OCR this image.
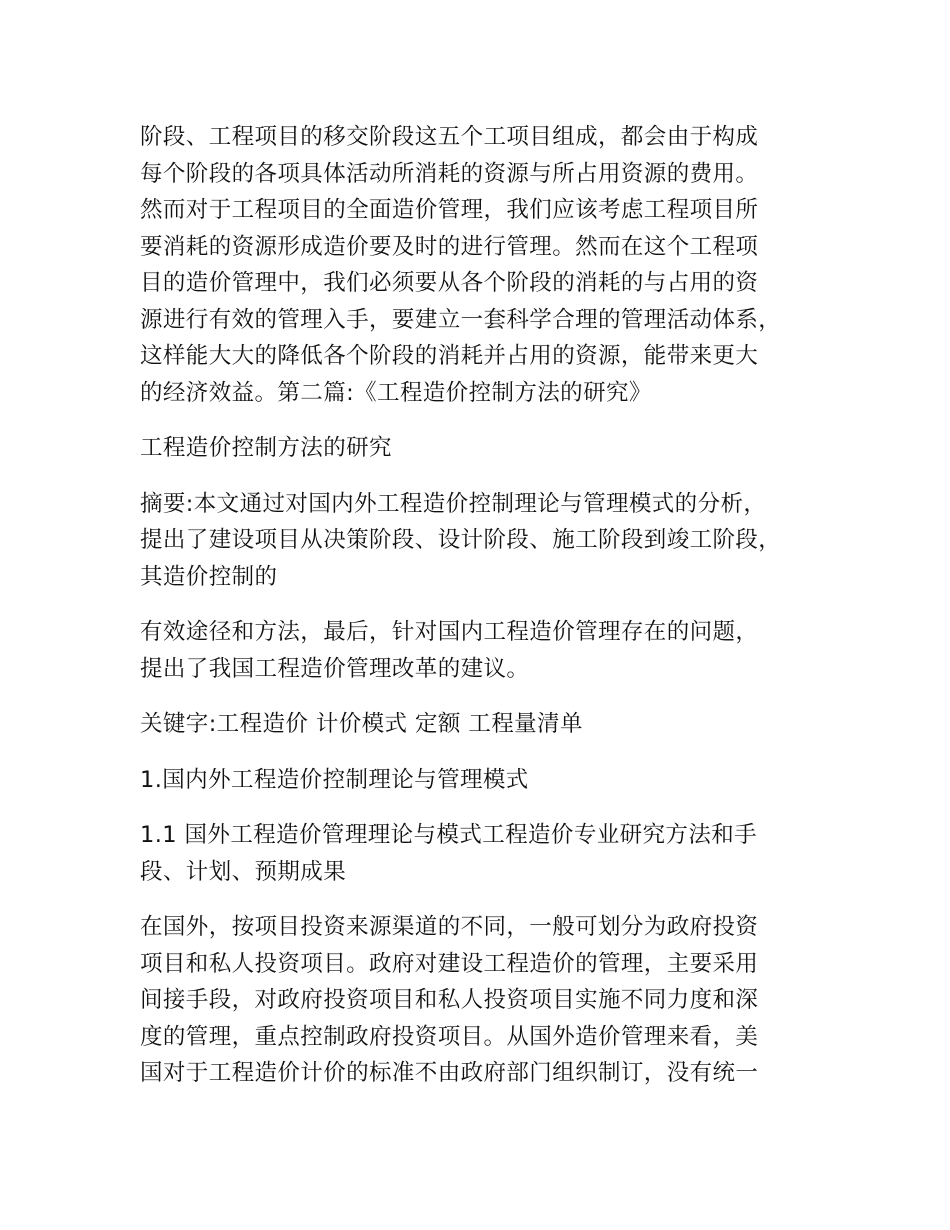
阶段、工程项目的移交阶段这五个工项目组成，都会由于构成
每个阶段的各项具体活动所消耗的资源与所占用资源的费用。
然而对于工程项目的全面造价管理，我们应该考虑工程项目所
要消耗的资源形成造价要及时的进行管理。然而在这个工程项
目的造价管理中，我们必须要从各个阶段的消耗的与占用的资
源进行有效的管理入手，要建立一套科学合理的管理活动体系，
这样能大大的降低各个阶段的消耗并占用的资源，能带来更大
的经济效益。第二篇:《工程造价控制方法的研究》
工程造价控制方法的研究
摘要:本文通过对国内外工程造价控制理论与管理模式的分析，
提出了建设项目从决策阶段、设计阶段、施工阶段到竣工阶段，
其造价控制的
有效途径和方法，最后，针对国内工程造价管理存在的问题，
提出了我国工程造价管理改革的建议。
关键字:工程造价 计价模式 定额 工程量清单
1.国内外工程造价控制理论与管理模式
1.1 国外工程造价管理理论与模式工程造价专业研究方法和手
段、计划、预期成果
在国外，按项目投资来源渠道的不同，一般可划分为政府投资
项目和私人投资项目。政府对建设工程造价的管理，主要采用
间接手段，对政府投资项目和私人投资项目实施不同力度和深
度的管理，重点控制政府投资项目。从国外造价管理来看，美
国对于工程造价计价的标准不由政府部门组织制订，没有统一
